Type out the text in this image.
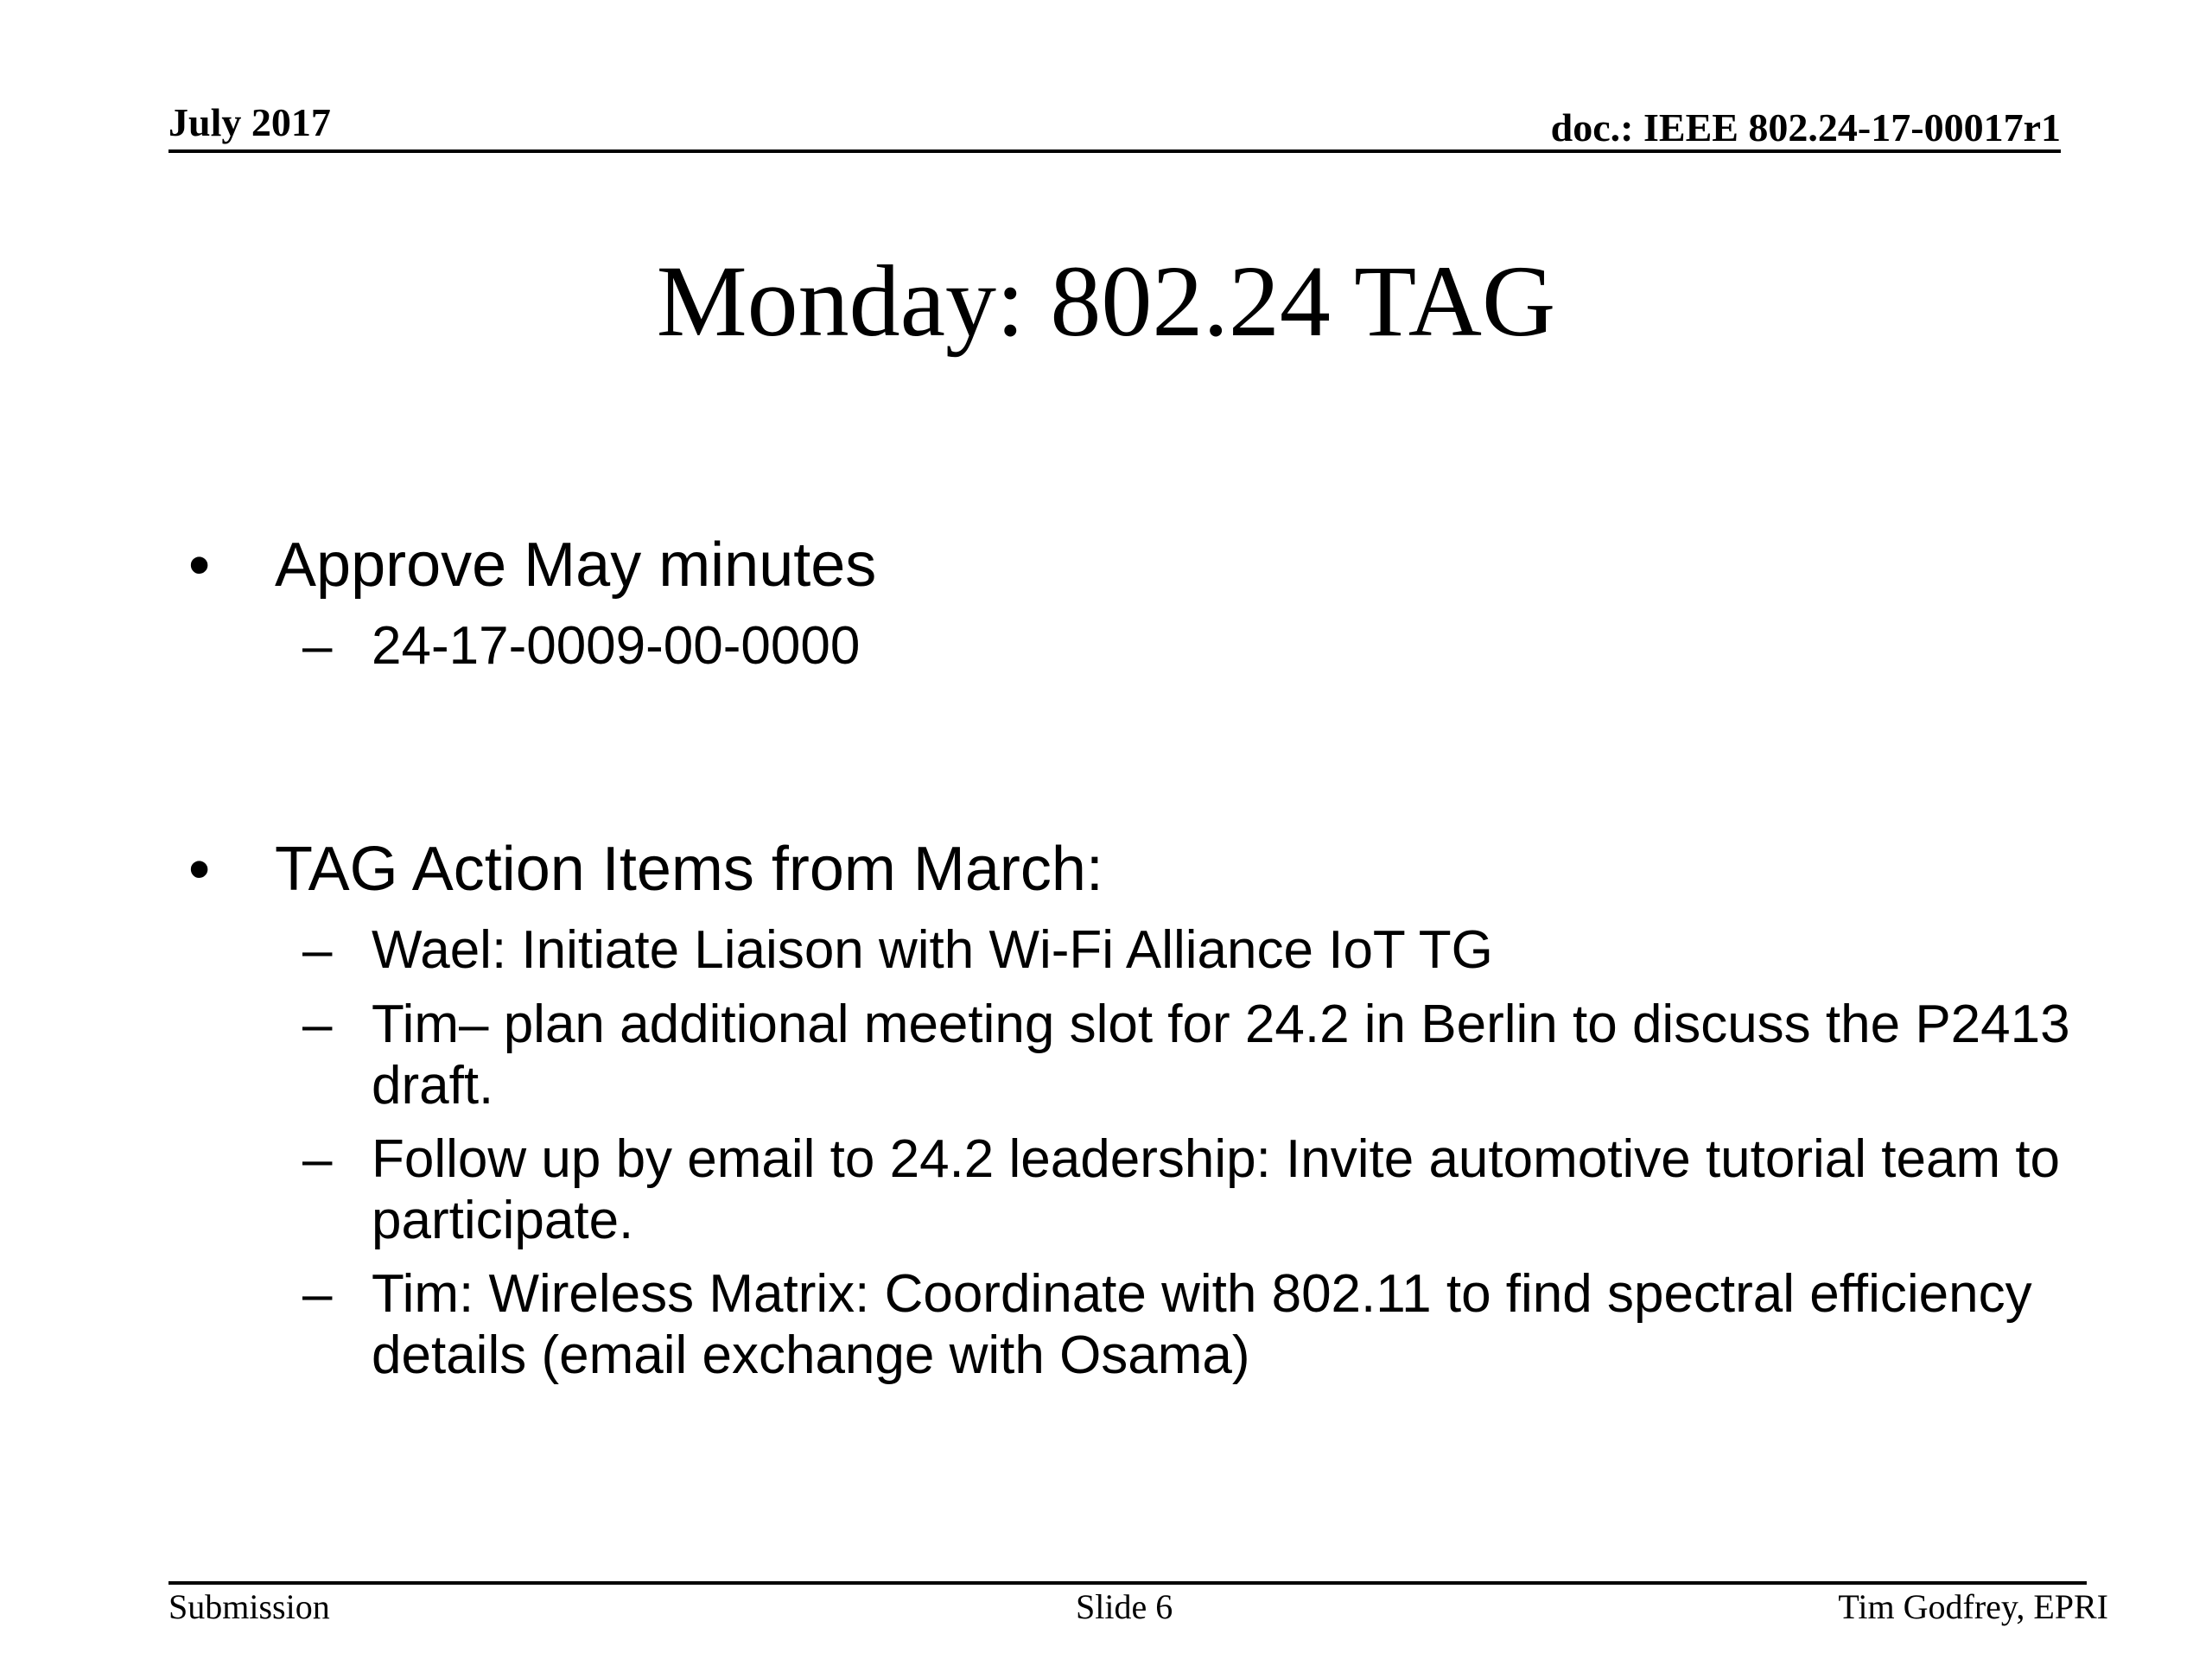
July 2017	doc.: IEEE 802.24-17-00017r1
Monday: 802.24 TAG
• Approve May minutes
– 24-17-0009-00-0000
• TAG Action Items from March:
– Wael: Initiate Liaison with Wi-Fi Alliance IoT TG
– Tim– plan additional meeting slot for 24.2 in Berlin to discuss the P2413 draft.
– Follow up by email to 24.2 leadership: Invite automotive tutorial team to participate.
– Tim: Wireless Matrix: Coordinate with 802.11 to find spectral efficiency details (email exchange with Osama)
Submission	Slide 6	Tim Godfrey, EPRI
